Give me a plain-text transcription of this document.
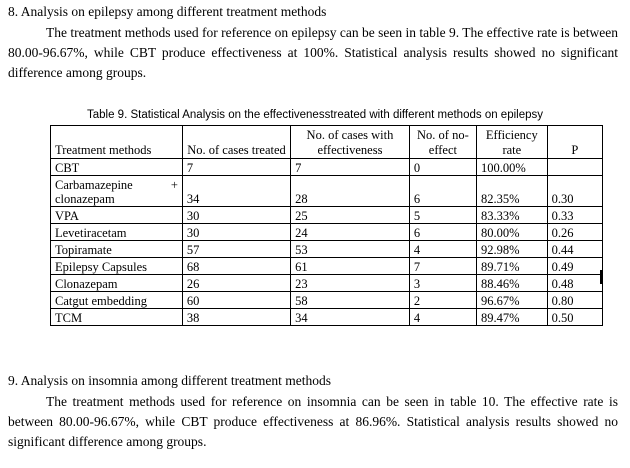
8. Analysis on epilepsy among different treatment methods
The treatment methods used for reference on epilepsy can be seen in table 9. The effective rate is between 80.00-96.67%, while CBT produce effectiveness at 100%. Statistical analysis results showed no significant difference among groups.
Table 9. Statistical Analysis on the effectivenesstreated with different methods on epilepsy
Treatment methods	No. of cases treated	No. of cases with effectiveness	No. of no-effect	Efficiency rate	P
CBT	7	7	0	100.00%	

Carbamazepine +
clonazepam	34	28	6	82.35%	0.30
VPA	30	25	5	83.33%	0.33
Levetiracetam	30	24	6	80.00%	0.26
Topiramate	57	53	4	92.98%	0.44
Epilepsy Capsules	68	61	7	89.71%	0.49
Clonazepam	26	23	3	88.46%	0.48
Catgut embedding	60	58	2	96.67%	0.80
TCM	38	34	4	89.47%	0.50
9. Analysis on insomnia among different treatment methods
The treatment methods used for reference on insomnia can be seen in table 10. The effective rate is between 80.00-96.67%, while CBT produce effectiveness at 86.96%. Statistical analysis results showed no significant difference among groups.
